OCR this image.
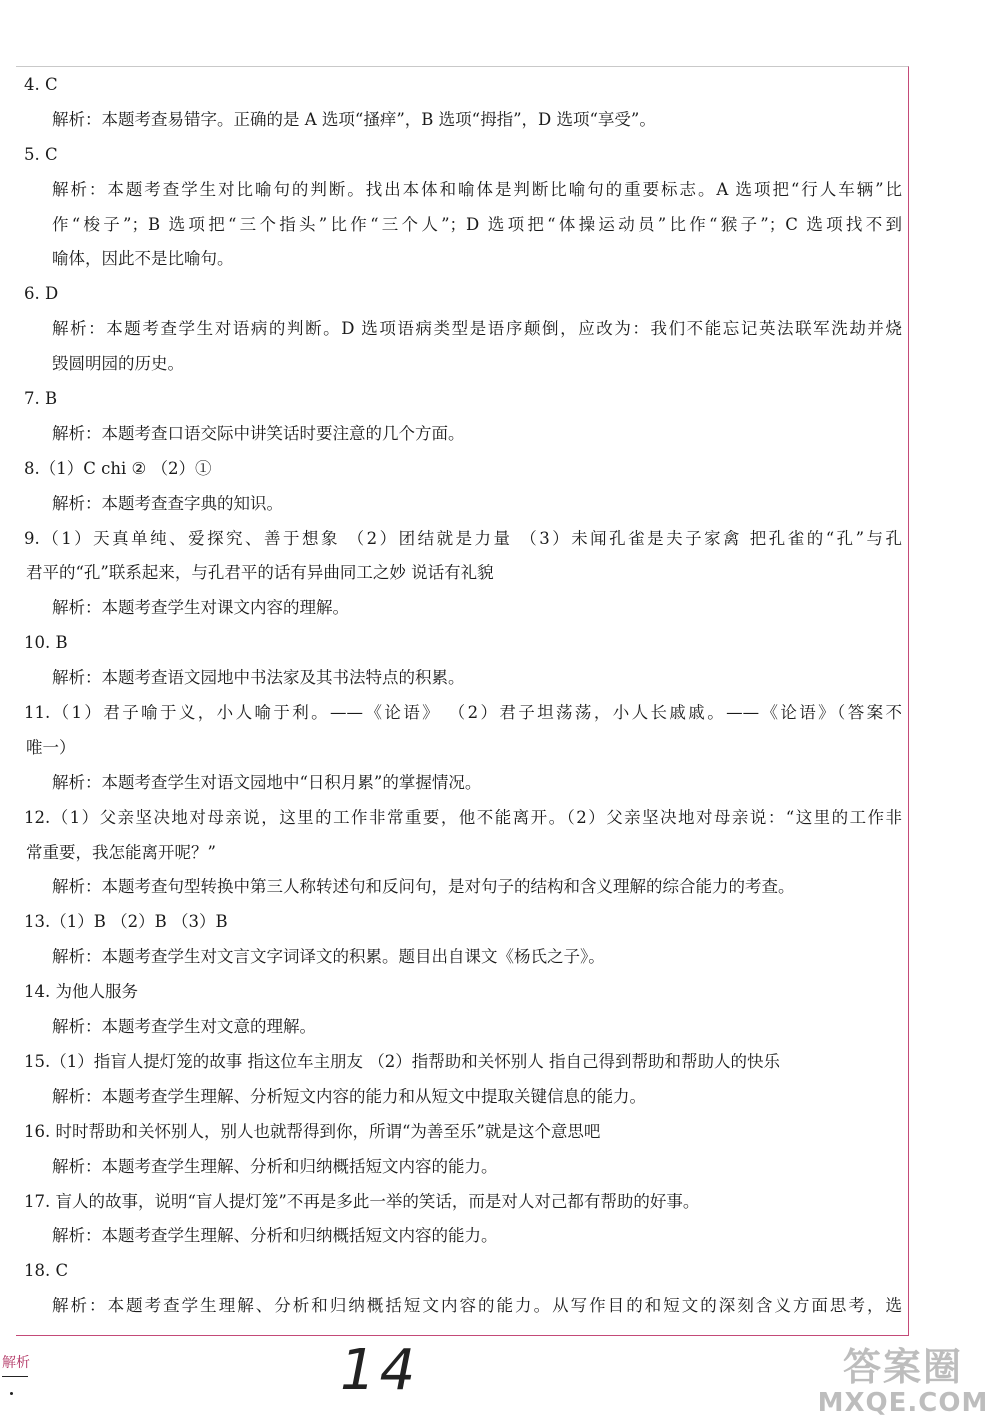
4. C
解析：本题考查易错字。正确的是 A 选项“搔痒”，B 选项“拇指”，D 选项“享受”。
5. C
解析：本题考查学生对比喻句的判断。找出本体和喻体是判断比喻句的重要标志。A 选项把“行人车辆”比
作“梭子”；B 选项把“三个指头”比作“三个人”；D 选项把“体操运动员”比作“猴子”；C 选项找不到
喻体，因此不是比喻句。
6. D
解析：本题考查学生对语病的判断。D 选项语病类型是语序颠倒，应改为：我们不能忘记英法联军洗劫并烧
毁圆明园的历史。
7. B
解析：本题考查口语交际中讲笑话时要注意的几个方面。
8.（1）C chi ② （2）①
解析：本题考查查字典的知识。
9.（1）天真单纯、爱探究、善于想象 （2）团结就是力量 （3）未闻孔雀是夫子家禽 把孔雀的“孔”与孔
君平的“孔”联系起来，与孔君平的话有异曲同工之妙 说话有礼貌
解析：本题考查学生对课文内容的理解。
10. B
解析：本题考查语文园地中书法家及其书法特点的积累。
11.（1）君子喻于义，小人喻于利。——《论语》 （2）君子坦荡荡，小人长戚戚。——《论语》（答案不
唯一）
解析：本题考查学生对语文园地中“日积月累”的掌握情况。
12.（1）父亲坚决地对母亲说，这里的工作非常重要，他不能离开。（2）父亲坚决地对母亲说：“这里的工作非
常重要，我怎能离开呢？”
解析：本题考查句型转换中第三人称转述句和反问句，是对句子的结构和含义理解的综合能力的考查。
13.（1）B （2）B （3）B
解析：本题考查学生对文言文字词译文的积累。题目出自课文《杨氏之子》。
14. 为他人服务
解析：本题考查学生对文意的理解。
15.（1）指盲人提灯笼的故事 指这位车主朋友 （2）指帮助和关怀别人 指自己得到帮助和帮助人的快乐
解析：本题考查学生理解、分析短文内容的能力和从短文中提取关键信息的能力。
16. 时时帮助和关怀别人，别人也就帮得到你，所谓“为善至乐”就是这个意思吧
解析：本题考查学生理解、分析和归纳概括短文内容的能力。
17. 盲人的故事，说明“盲人提灯笼”不再是多此一举的笑话，而是对人对己都有帮助的好事。
解析：本题考查学生理解、分析和归纳概括短文内容的能力。
18. C
解析：本题考查学生理解、分析和归纳概括短文内容的能力。从写作目的和短文的深刻含义方面思考，选
解析	14	答案圈
MXQE.COM
